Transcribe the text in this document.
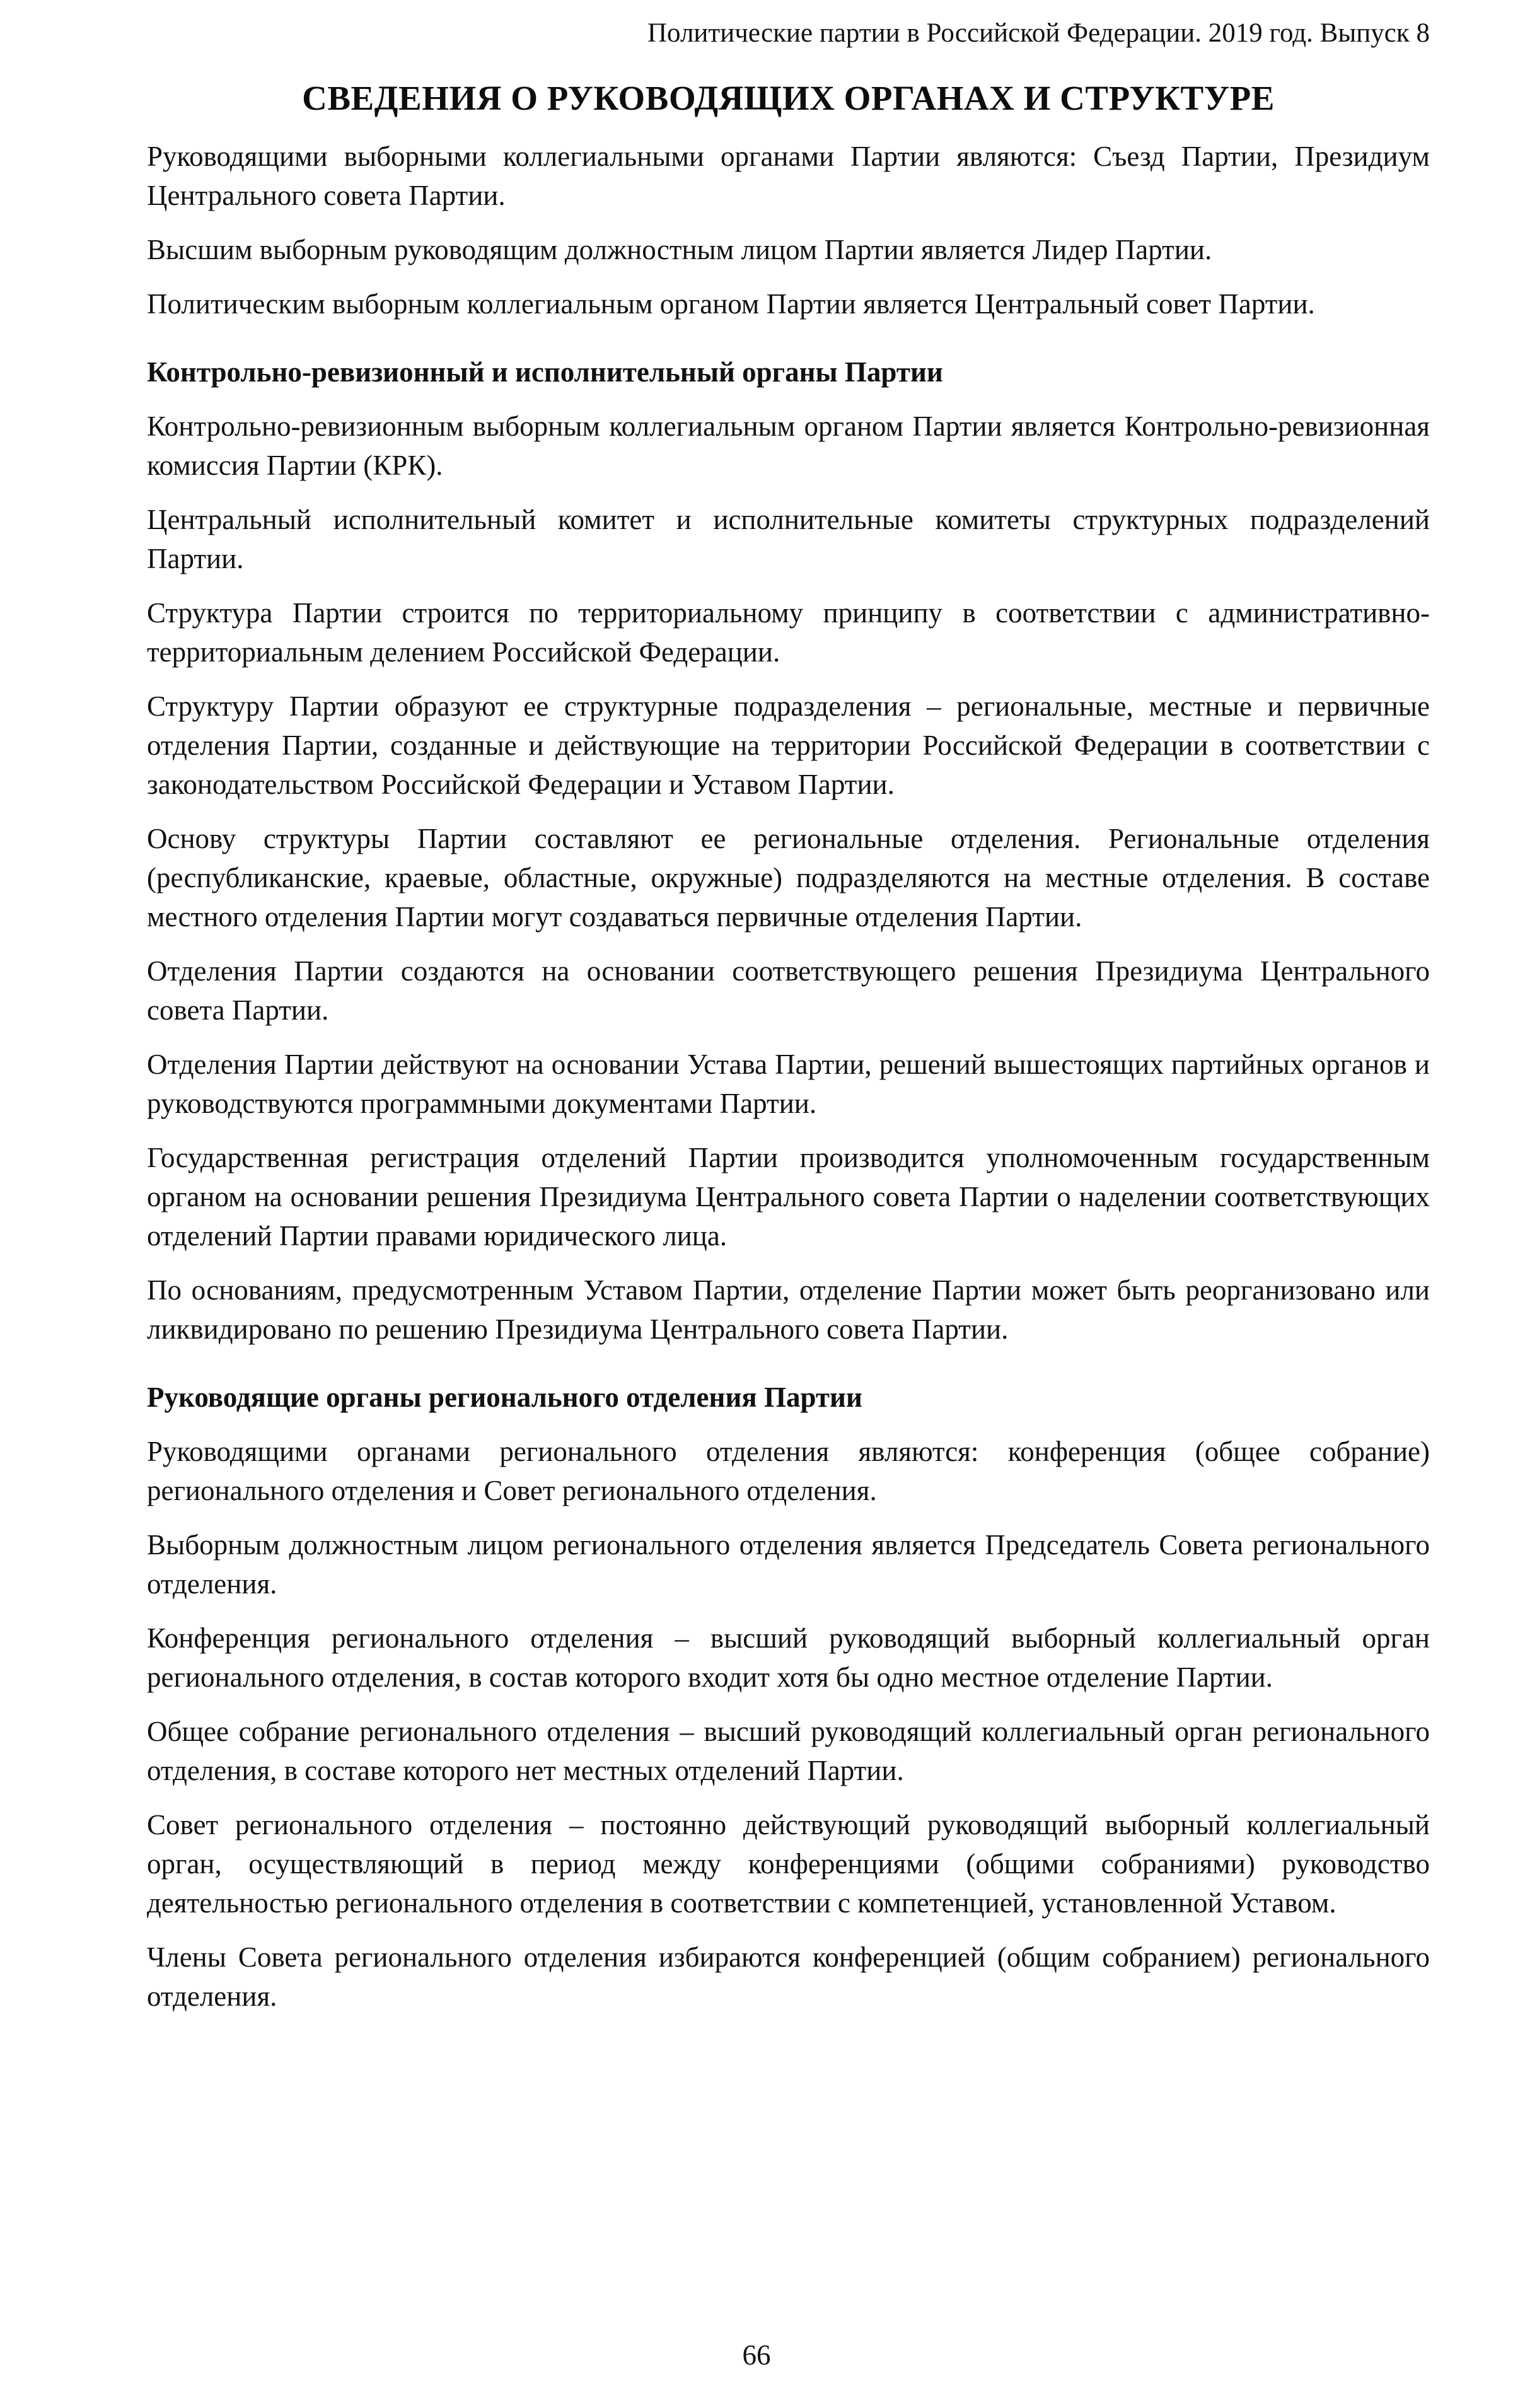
Политические партии в Российской Федерации. 2019 год. Выпуск 8
СВЕДЕНИЯ О РУКОВОДЯЩИХ ОРГАНАХ И СТРУКТУРЕ

Руководящими выборными коллегиальными органами Партии являются: Съезд Партии, Президиум Центрального совета Партии.

Высшим выборным руководящим должностным лицом Партии является Лидер Партии.

Политическим выборным коллегиальным органом Партии является Центральный совет Партии.

Контрольно-ревизионный и исполнительный органы Партии

Контрольно-ревизионным выборным коллегиальным органом Партии является Контрольно-ревизионная комиссия Партии (КРК).

Центральный исполнительный комитет и исполнительные комитеты структурных подразделений Партии.

Структура Партии строится по территориальному принципу в соответствии с административно-территориальным делением Российской Федерации.

Структуру Партии образуют ее структурные подразделения – региональные, местные и первичные отделения Партии, созданные и действующие на территории Российской Федерации в соответствии с законодательством Российской Федерации и Уставом Партии.

Основу структуры Партии составляют ее региональные отделения. Региональные отделения (республиканские, краевые, областные, окружные) подразделяются на местные отделения. В составе местного отделения Партии могут создаваться первичные отделения Партии.

Отделения Партии создаются на основании соответствующего решения Президиума Центрального совета Партии.

Отделения Партии действуют на основании Устава Партии, решений вышестоящих партийных органов и руководствуются программными документами Партии.

Государственная регистрация отделений Партии производится уполномоченным государственным органом на основании решения Президиума Центрального совета Партии о наделении соответствующих отделений Партии правами юридического лица.

По основаниям, предусмотренным Уставом Партии, отделение Партии может быть реорганизовано или ликвидировано по решению Президиума Центрального совета Партии.

Руководящие органы регионального отделения Партии

Руководящими органами регионального отделения являются: конференция (общее собрание) регионального отделения и Совет регионального отделения.

Выборным должностным лицом регионального отделения является Председатель Совета регионального отделения.

Конференция регионального отделения – высший руководящий выборный коллегиальный орган регионального отделения, в состав которого входит хотя бы одно местное отделение Партии.

Общее собрание регионального отделения – высший руководящий коллегиальный орган регионального отделения, в составе которого нет местных отделений Партии.

Совет регионального отделения – постоянно действующий руководящий выборный коллегиальный орган, осуществляющий в период между конференциями (общими собраниями) руководство деятельностью регионального отделения в соответствии с компетенцией, установленной Уставом.

Члены Совета регионального отделения избираются конференцией (общим собранием) регионального отделения.

66
